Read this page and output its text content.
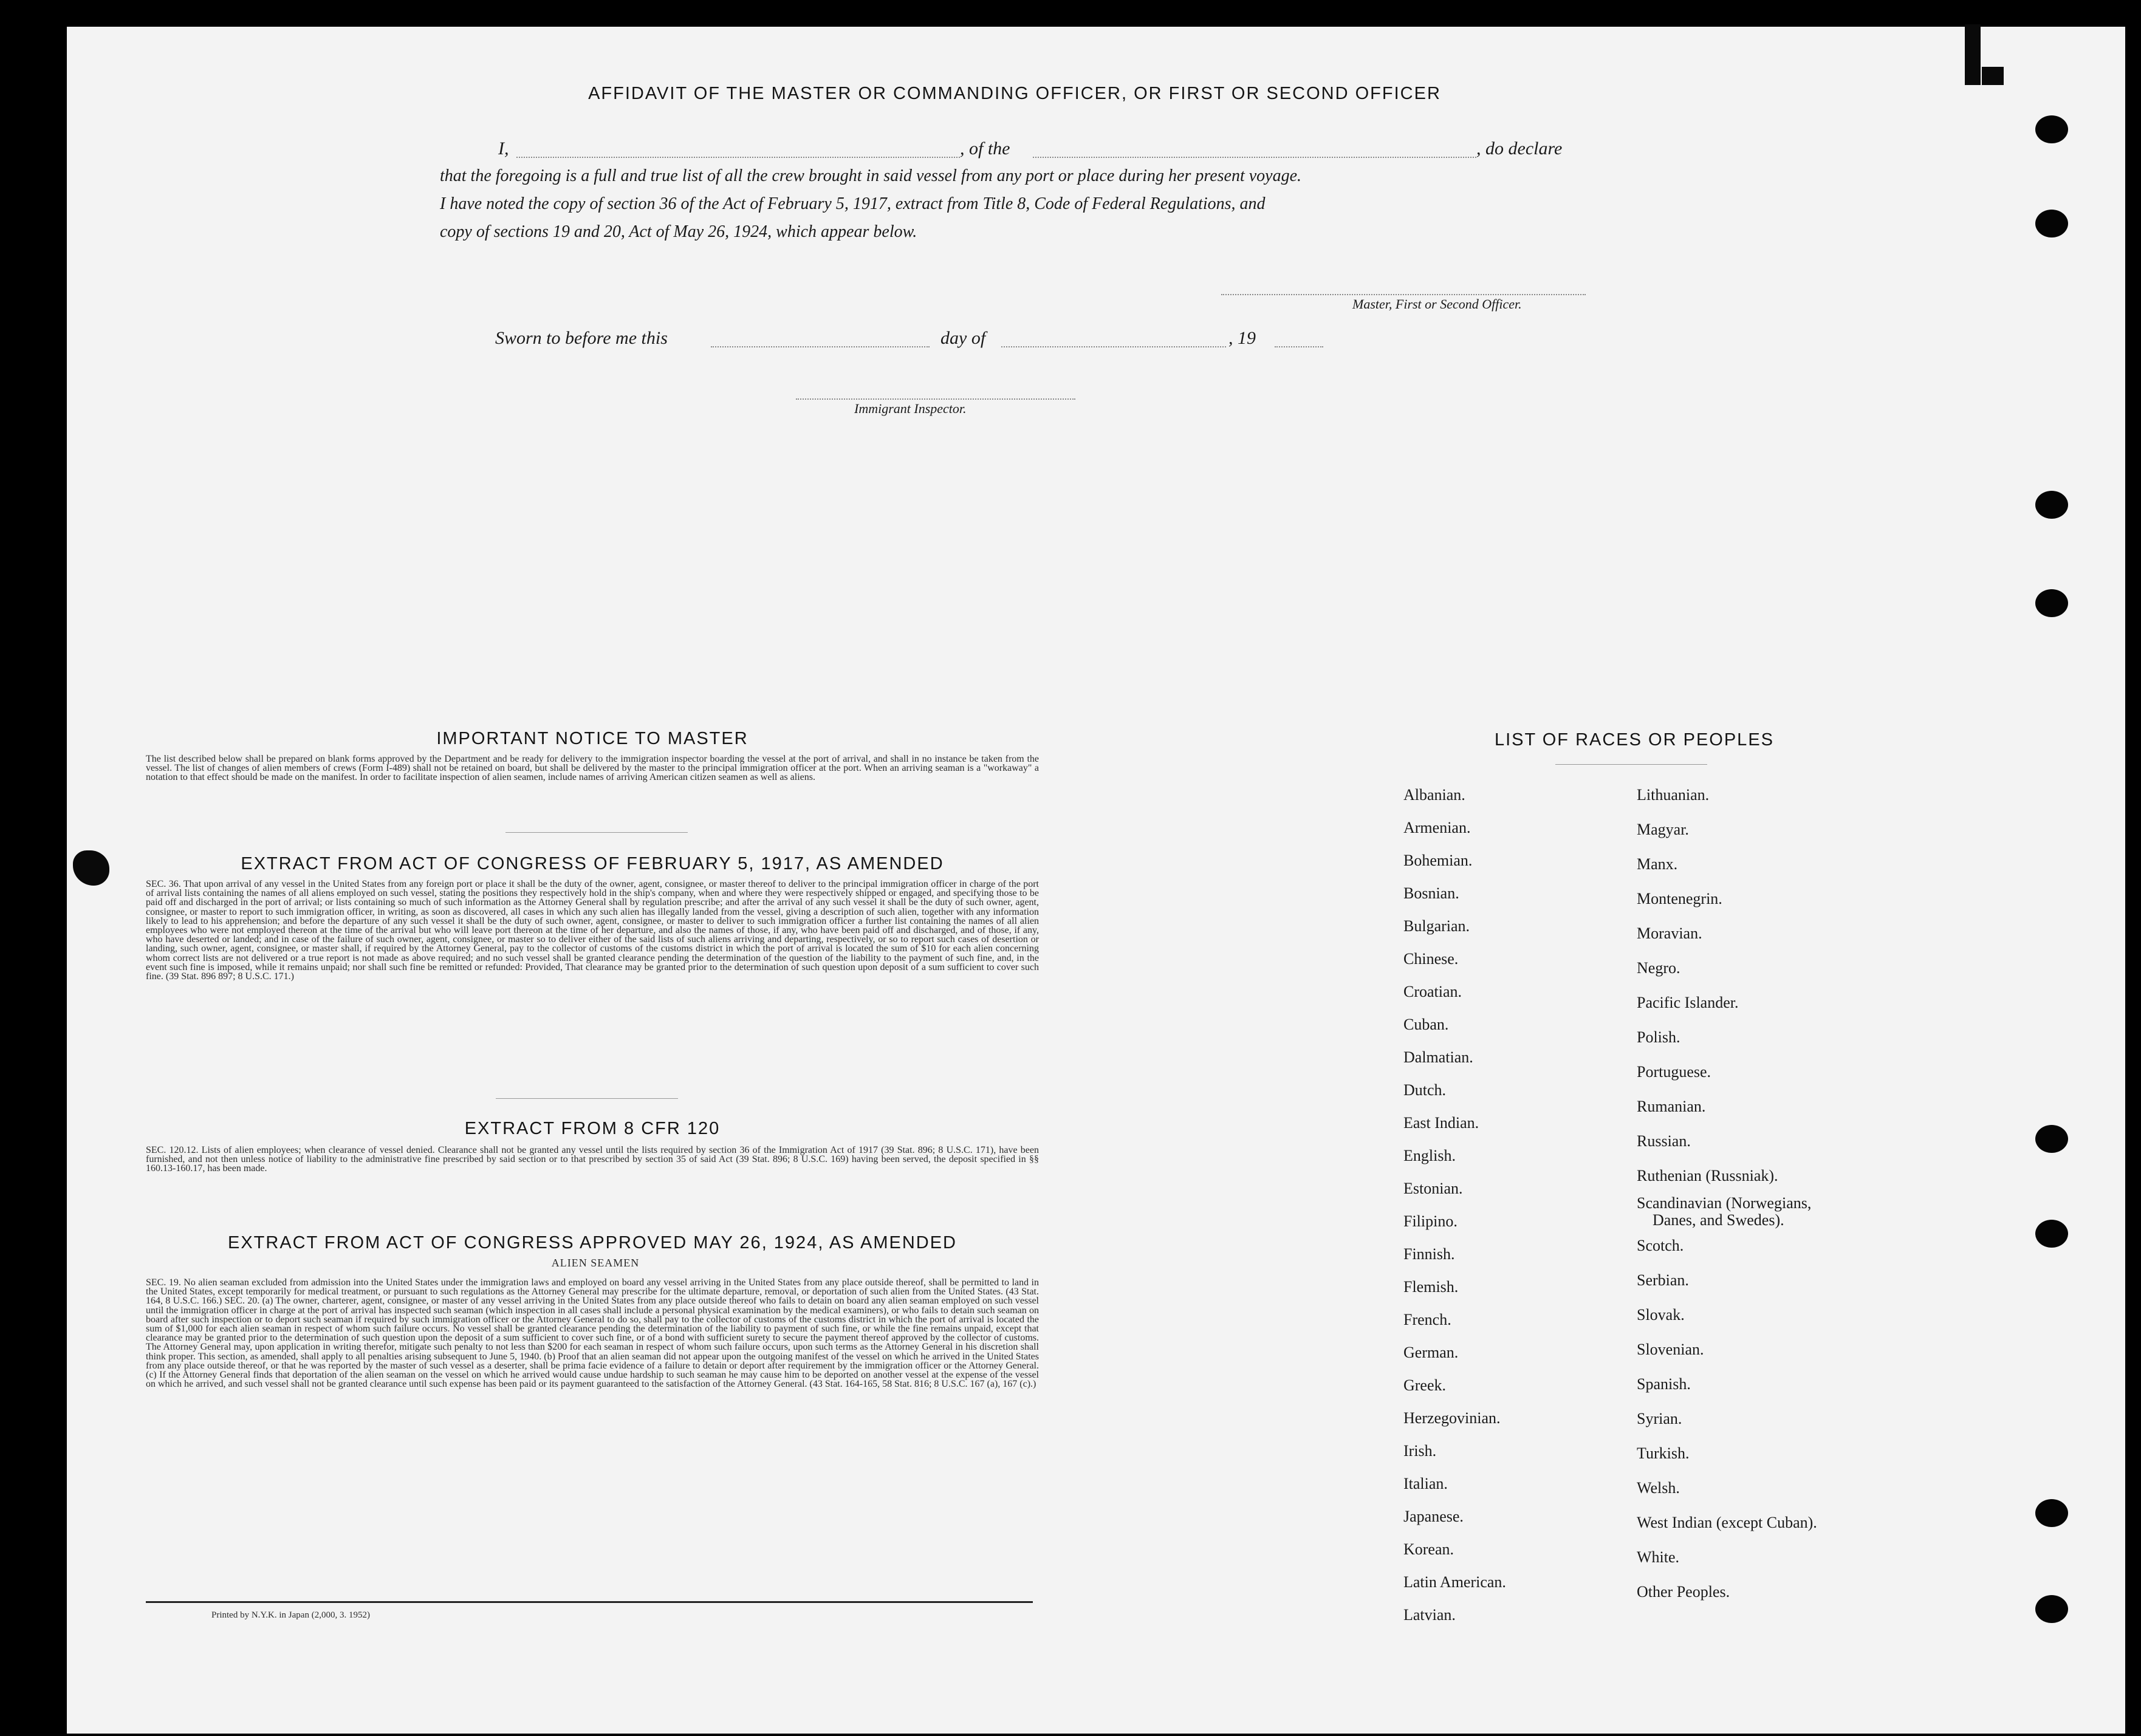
AFFIDAVIT OF THE MASTER OR COMMANDING OFFICER, OR FIRST OR SECOND OFFICER
I,	, of the	, do declare
that the foregoing is a full and true list of all the crew brought in said vessel from any port or place during her present voyage.
I have noted the copy of section 36 of the Act of February 5, 1917, extract from Title 8, Code of Federal Regulations, and
copy of sections 19 and 20, Act of May 26, 1924, which appear below.
Master, First or Second Officer.
Sworn to before me this	day of	, 19
Immigrant Inspector.
IMPORTANT NOTICE TO MASTER
The list described below shall be prepared on blank forms approved by the Department and be ready for delivery to the immigration inspector boarding the vessel at the port of arrival, and shall in no instance be taken from the vessel. The list of changes of alien members of crews (Form I-489) shall not be retained on board, but shall be delivered by the master to the principal immigration officer at the port. When an arriving seaman is a "workaway" a notation to that effect should be made on the manifest. In order to facilitate inspection of alien seamen, include names of arriving American citizen seamen as well as aliens.
EXTRACT FROM ACT OF CONGRESS OF FEBRUARY 5, 1917, AS AMENDED
SEC. 36. That upon arrival of any vessel in the United States from any foreign port or place it shall be the duty of the owner, agent, consignee, or master thereof to deliver to the principal immigration officer in charge of the port of arrival lists containing the names of all aliens employed on such vessel, stating the positions they respectively hold in the ship's company, when and where they were respectively shipped or engaged, and specifying those to be paid off and discharged in the port of arrival; or lists containing so much of such information as the Attorney General shall by regulation prescribe; and after the arrival of any such vessel it shall be the duty of such owner, agent, consignee, or master to report to such immigration officer, in writing, as soon as discovered, all cases in which any such alien has illegally landed from the vessel, giving a description of such alien, together with any information likely to lead to his apprehension; and before the departure of any such vessel it shall be the duty of such owner, agent, consignee, or master to deliver to such immigration officer a further list containing the names of all alien employees who were not employed thereon at the time of the arrival but who will leave port thereon at the time of her departure, and also the names of those, if any, who have been paid off and discharged, and of those, if any, who have deserted or landed; and in case of the failure of such owner, agent, consignee, or master so to deliver either of the said lists of such aliens arriving and departing, respectively, or so to report such cases of desertion or landing, such owner, agent, consignee, or master shall, if required by the Attorney General, pay to the collector of customs of the customs district in which the port of arrival is located the sum of $10 for each alien concerning whom correct lists are not delivered or a true report is not made as above required; and no such vessel shall be granted clearance pending the determination of the question of the liability to the payment of such fine, and, in the event such fine is imposed, while it remains unpaid; nor shall such fine be remitted or refunded: Provided, That clearance may be granted prior to the determination of such question upon deposit of a sum sufficient to cover such fine. (39 Stat. 896 897; 8 U.S.C. 171.)
EXTRACT FROM 8 CFR 120
SEC. 120.12. Lists of alien employees; when clearance of vessel denied. Clearance shall not be granted any vessel until the lists required by section 36 of the Immigration Act of 1917 (39 Stat. 896; 8 U.S.C. 171), have been furnished, and not then unless notice of liability to the administrative fine prescribed by said section or to that prescribed by section 35 of said Act (39 Stat. 896; 8 U.S.C. 169) having been served, the deposit specified in §§ 160.13-160.17, has been made.
EXTRACT FROM ACT OF CONGRESS APPROVED MAY 26, 1924, AS AMENDED
ALIEN SEAMEN
SEC. 19. No alien seaman excluded from admission into the United States under the immigration laws and employed on board any vessel arriving in the United States from any place outside thereof, shall be permitted to land in the United States, except temporarily for medical treatment, or pursuant to such regulations as the Attorney General may prescribe for the ultimate departure, removal, or deportation of such alien from the United States. (43 Stat. 164, 8 U.S.C. 166.) SEC. 20. (a) The owner, charterer, agent, consignee, or master of any vessel arriving in the United States from any place outside thereof who fails to detain on board any alien seaman employed on such vessel until the immigration officer in charge at the port of arrival has inspected such seaman (which inspection in all cases shall include a personal physical examination by the medical examiners), or who fails to detain such seaman on board after such inspection or to deport such seaman if required by such immigration officer or the Attorney General to do so, shall pay to the collector of customs of the customs district in which the port of arrival is located the sum of $1,000 for each alien seaman in respect of whom such failure occurs. No vessel shall be granted clearance pending the determination of the liability to payment of such fine, or while the fine remains unpaid, except that clearance may be granted prior to the determination of such question upon the deposit of a sum sufficient to cover such fine, or of a bond with sufficient surety to secure the payment thereof approved by the collector of customs. The Attorney General may, upon application in writing therefor, mitigate such penalty to not less than $200 for each seaman in respect of whom such failure occurs, upon such terms as the Attorney General in his discretion shall think proper. This section, as amended, shall apply to all penalties arising subsequent to June 5, 1940. (b) Proof that an alien seaman did not appear upon the outgoing manifest of the vessel on which he arrived in the United States from any place outside thereof, or that he was reported by the master of such vessel as a deserter, shall be prima facie evidence of a failure to detain or deport after requirement by the immigration officer or the Attorney General. (c) If the Attorney General finds that deportation of the alien seaman on the vessel on which he arrived would cause undue hardship to such seaman he may cause him to be deported on another vessel at the expense of the vessel on which he arrived, and such vessel shall not be granted clearance until such expense has been paid or its payment guaranteed to the satisfaction of the Attorney General. (43 Stat. 164-165, 58 Stat. 816; 8 U.S.C. 167 (a), 167 (c).)
Printed by N.Y.K. in Japan (2,000, 3. 1952)
LIST OF RACES OR PEOPLES
Albanian.
Armenian.
Bohemian.
Bosnian.
Bulgarian.
Chinese.
Croatian.
Cuban.
Dalmatian.
Dutch.
East Indian.
English.
Estonian.
Filipino.
Finnish.
Flemish.
French.
German.
Greek.
Herzegovinian.
Irish.
Italian.
Japanese.
Korean.
Latin American.
Latvian.
Lithuanian.
Magyar.
Manx.
Montenegrin.
Moravian.
Negro.
Pacific Islander.
Polish.
Portuguese.
Rumanian.
Russian.
Ruthenian (Russniak).
Scandinavian (Norwegians,
Danes, and Swedes).
Scotch.
Serbian.
Slovak.
Slovenian.
Spanish.
Syrian.
Turkish.
Welsh.
West Indian (except Cuban).
White.
Other Peoples.
